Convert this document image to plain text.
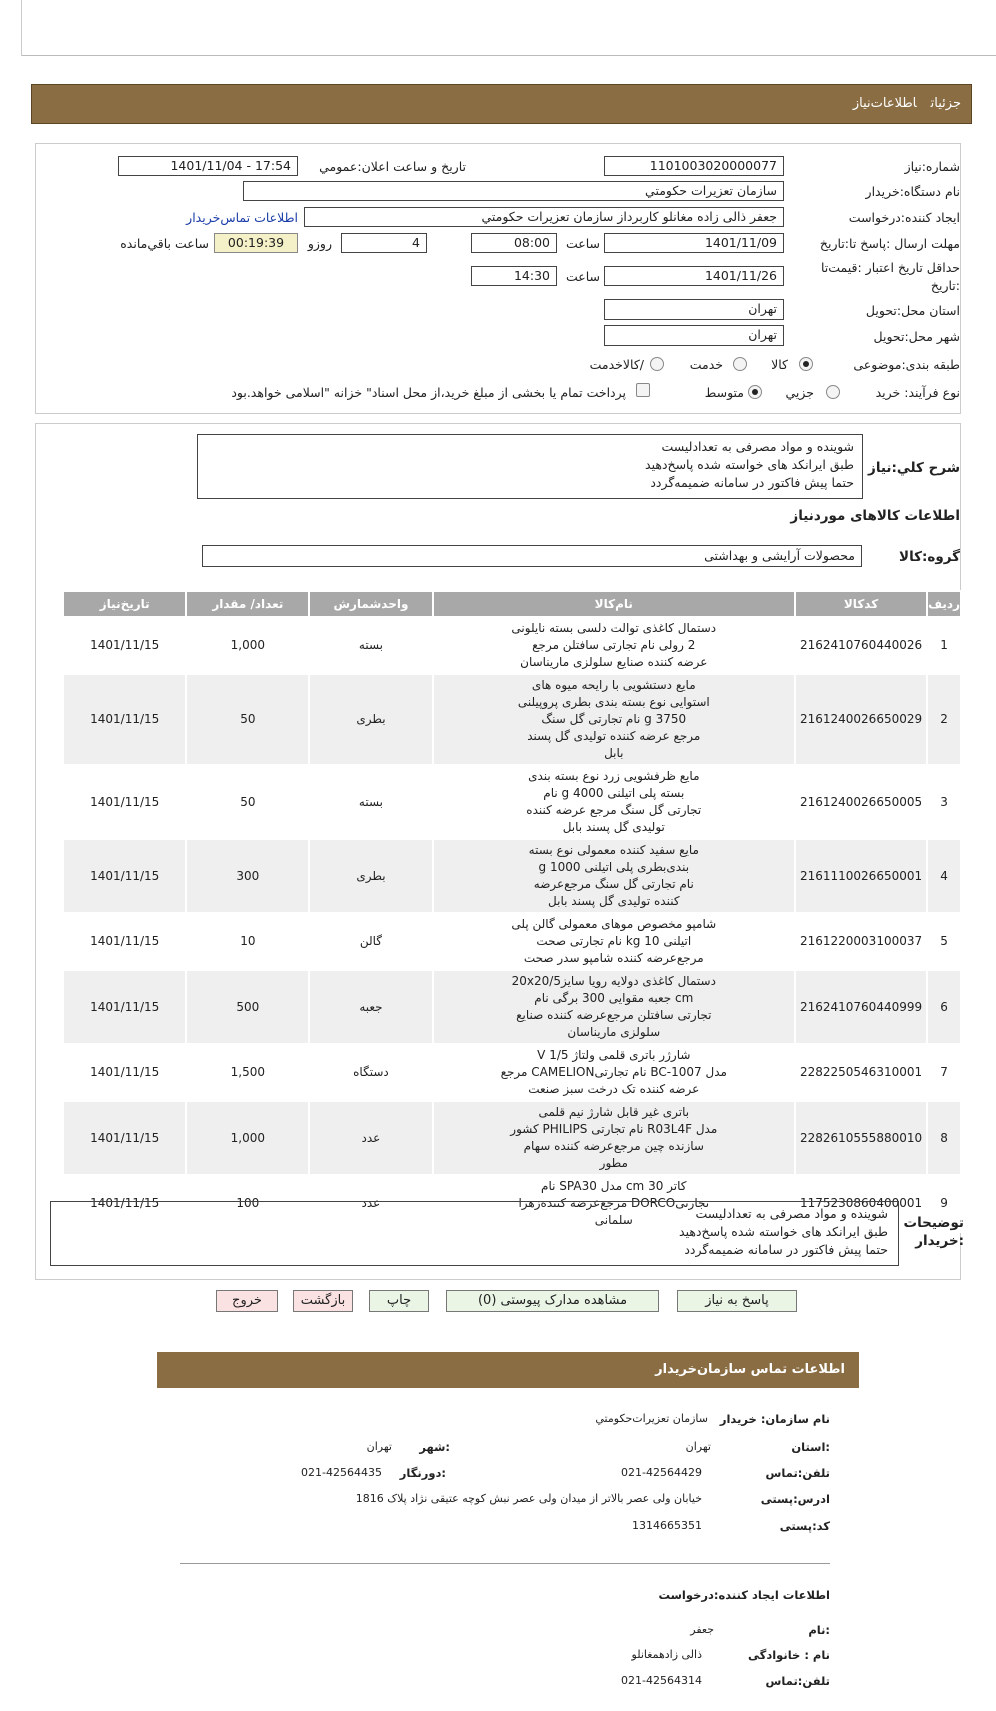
جزئیاتاطلاعات‌نیاز
شماره:نیاز
1101003020000077
تاریخ و ساعت اعلان:عمومي
1401/11/04 - 17:54
نام دستگاه:خریدار
سازمان تعزیرات حکومتي
ایجاد کننده:درخواست
جعفر ذالی زاده مغانلو کاربرداز سازمان تعزیرات حکومتي
اطلاعات تماس‌خریدار
مهلت ارسال :پاسخ تا:تاریخ
1401/11/09
ساعت
08:00
4
روزو
00:19:39
ساعت باقي‌مانده
حداقل تاریخ اعتبار :قیمت‌تا
:تاریخ
1401/11/26
ساعت
14:30
استان محل:تحویل
تهران
شهر محل:تحویل
تهران
طبقه بندی:موضوعی
کالا
خدمت
/کالاخدمت
نوع فرآیند: خرید
جزیي
متوسط
پرداخت تمام یا بخشی از مبلغ خرید،از محل اسناد" خزانه "اسلامی خواهد.بود
شرح کلي:نیاز
شوینده و مواد مصرفی به تعدادلیست
طبق ایرانکد های خواسته شده پاسخ‌دهید
حتما پیش فاکتور در سامانه ضمیمه‌گردد
اطلاعات کالاهای موردنیاز
گروه:کالا
محصولات آرایشی و بهداشتی
ردیف	کدکالا	نام‌کالا	واحدشمارش	تعداد/ مقدار	تاریخ‌نیاز
1	2162410760440026	دستمال کاغذی توالت دلسی بسته نایلونی
2 رولی نام تجارتی سافتلن مرجع
عرضه کننده صنایع سلولزی ماریناسان	بسته	1,000	1401/11/15
2	2161240026650029	مایع دستشویی با رایحه میوه های
استوایی نوع بسته بندی بطری پروپیلنی
3750 g نام تجارتی گل سنگ
مرجع عرضه کننده تولیدی گل پسند
بابل	بطری	50	1401/11/15
3	2161240026650005	مایع ظرفشویی زرد نوع بسته بندی
بسته پلی اتیلنی 4000 g نام
تجارتی گل سنگ مرجع عرضه کننده
تولیدی گل پسند بابل	بسته	50	1401/11/15
4	2161110026650001	مایع سفید کننده معمولی نوع بسته
بندی‌بطری پلی اتیلنی 1000 g
نام تجارتی گل سنگ مرجع‌عرضه
کننده تولیدی گل پسند بابل	بطری	300	1401/11/15
5	2161220003100037	شامپو مخصوص موهای معمولی گالن پلی
اتیلنی 10 kg نام تجارتی صحت
مرجع‌عرضه کننده شامپو سدر صحت	گالن	10	1401/11/15
6	2162410760440999	دستمال کاغذی دولایه رویا سایز20x20/5
cm جعبه مقوایی 300 برگی نام
تجارتی سافتلن مرجع‌عرضه کننده صنایع
سلولزی ماریناسان	جعبه	500	1401/11/15
7	2282250546310001	شارژر باتری قلمی ولتاژ 1/5 V
مدل BC-1007 نام تجارتیCAMELION مرجع
عرضه کننده تک درخت سبز صنعت	دستگاه	1,500	1401/11/15
8	2282610555880010	باتری غیر قابل شارژ نیم قلمی
مدل R03L4F نام تجارتی PHILIPS کشور
سازنده چین مرجع‌عرضه کننده سهام
مطور	عدد	1,000	1401/11/15
9	1175230860400001	کاتر 30 cm مدل SPA30 نام
تجارتیDORCO مرجع‌عرضه کننده‌زهرا
سلمانی	عدد	100	1401/11/15
توضیحات
:خریدار
شوینده و مواد مصرفی به تعدادلیست
طبق ایرانکد های خواسته شده پاسخ‌دهید
حتما پیش فاکتور در سامانه ضمیمه‌گردد
پاسخ به نیاز
مشاهده مدارک پیوستی (0)
چاپ
بازگشت
خروج
اطلاعات تماس سازمان‌خریدار
نام سازمان: خریدار
سازمان تعزیرات‌حکومتي
:استان
تهران
:شهر
تهران
تلفن:تماس
021-42564429
:دورنگار
021-42564435
ادرس:پستی
خیابان ولی عصر بالاتر از میدان ولی عصر نبش کوچه عتیقی نژاد پلاک 1816
کد:پستی
1314665351
اطلاعات ایجاد کننده:درخواست
:نام
جعفر
نام : خانوادگی
ذالی زادهمغانلو
تلفن:تماس
021-42564314
